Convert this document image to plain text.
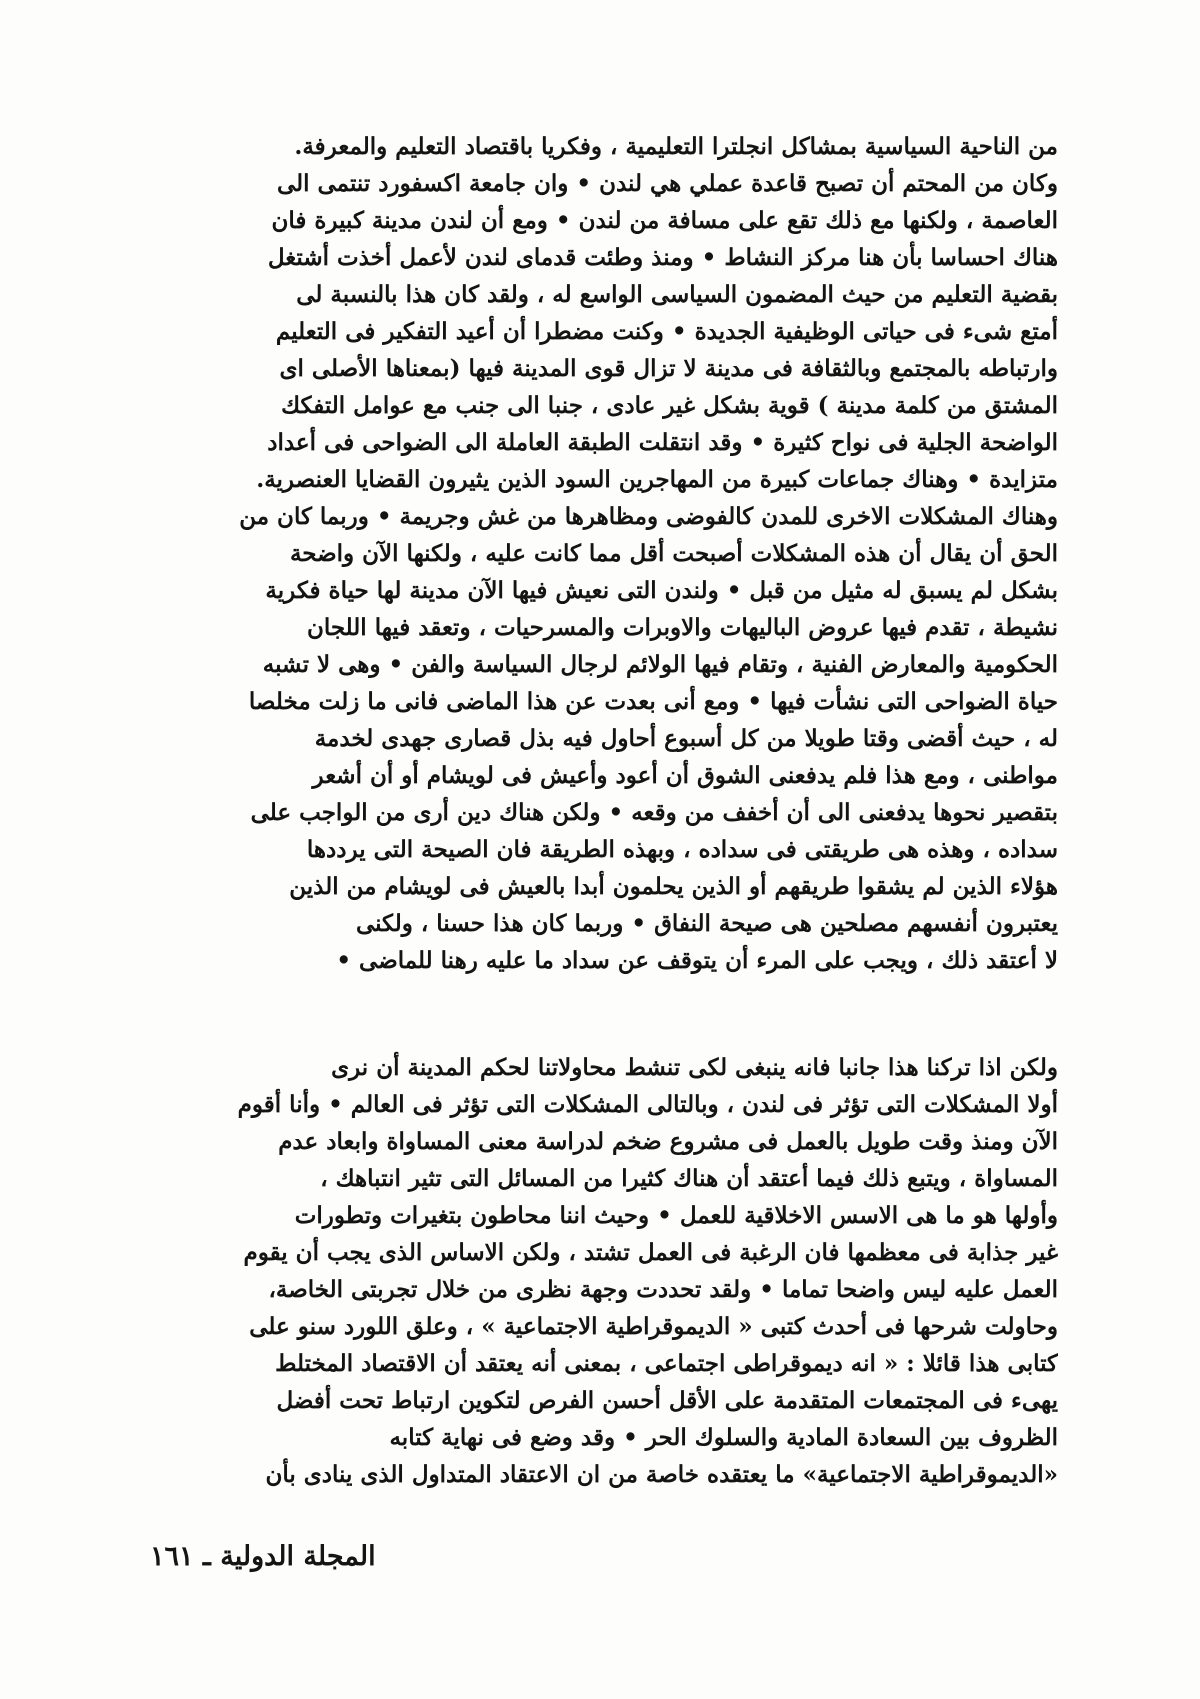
من الناحية السياسية بمشاكل انجلترا التعليمية ، وفكريا باقتصاد التعليم والمعرفة.
وكان من المحتم أن تصبح قاعدة عملي هي لندن • وان جامعة اكسفورد تنتمى الى
العاصمة ، ولكنها مع ذلك تقع على مسافة من لندن • ومع أن لندن مدينة كبيرة فان
هناك احساسا بأن هنا مركز النشاط • ومنذ وطئت قدماى لندن لأعمل أخذت أشتغل
بقضية التعليم من حيث المضمون السياسى الواسع له ، ولقد كان هذا بالنسبة لى
أمتع شىء فى حياتى الوظيفية الجديدة • وكنت مضطرا أن أعيد التفكير فى التعليم
وارتباطه بالمجتمع وبالثقافة فى مدينة لا تزال قوى المدينة فيها (بمعناها الأصلى اى
المشتق من كلمة مدينة ) قوية بشكل غير عادى ، جنبا الى جنب مع عوامل التفكك
الواضحة الجلية فى نواح كثيرة • وقد انتقلت الطبقة العاملة الى الضواحى فى أعداد
متزايدة • وهناك جماعات كبيرة من المهاجرين السود الذين يثيرون القضايا العنصرية.
وهناك المشكلات الاخرى للمدن كالفوضى ومظاهرها من غش وجريمة • وربما كان من
الحق أن يقال أن هذه المشكلات أصبحت أقل مما كانت عليه ، ولكنها الآن واضحة
بشكل لم يسبق له مثيل من قبل • ولندن التى نعيش فيها الآن مدينة لها حياة فكرية
نشيطة ، تقدم فيها عروض الباليهات والاوبرات والمسرحيات ، وتعقد فيها اللجان
الحكومية والمعارض الفنية ، وتقام فيها الولائم لرجال السياسة والفن • وهى لا تشبه
حياة الضواحى التى نشأت فيها • ومع أنى بعدت عن هذا الماضى فانى ما زلت مخلصا
له ، حيث أقضى وقتا طويلا من كل أسبوع أحاول فيه بذل قصارى جهدى لخدمة
مواطنى ، ومع هذا فلم يدفعنى الشوق أن أعود وأعيش فى لويشام أو أن أشعر
بتقصير نحوها يدفعنى الى أن أخفف من وقعه • ولكن هناك دين أرى من الواجب على
سداده ، وهذه هى طريقتى فى سداده ، وبهذه الطريقة فان الصيحة التى يرددها
هؤلاء الذين لم يشقوا طريقهم أو الذين يحلمون أبدا بالعيش فى لويشام من الذين
يعتبرون أنفسهم مصلحين هى صيحة النفاق • وربما كان هذا حسنا ، ولكنى
لا أعتقد ذلك ، ويجب على المرء أن يتوقف عن سداد ما عليه رهنا للماضى •
ولكن اذا تركنا هذا جانبا فانه ينبغى لكى تنشط محاولاتنا لحكم المدينة أن نرى
أولا المشكلات التى تؤثر فى لندن ، وبالتالى المشكلات التى تؤثر فى العالم • وأنا أقوم
الآن ومنذ وقت طويل بالعمل فى مشروع ضخم لدراسة معنى المساواة وابعاد عدم
المساواة ، ويتبع ذلك فيما أعتقد أن هناك كثيرا من المسائل التى تثير انتباهك ،
وأولها هو ما هى الاسس الاخلاقية للعمل • وحيث اننا محاطون بتغيرات وتطورات
غير جذابة فى معظمها فان الرغبة فى العمل تشتد ، ولكن الاساس الذى يجب أن يقوم
العمل عليه ليس واضحا تماما • ولقد تحددت وجهة نظرى من خلال تجربتى الخاصة،
وحاولت شرحها فى أحدث كتبى « الديموقراطية الاجتماعية » ، وعلق اللورد سنو على
كتابى هذا قائلا : « انه ديموقراطى اجتماعى ، بمعنى أنه يعتقد أن الاقتصاد المختلط
يهىء فى المجتمعات المتقدمة على الأقل أحسن الفرص لتكوين ارتباط تحت أفضل
الظروف بين السعادة المادية والسلوك الحر • وقد وضع فى نهاية كتابه
«الديموقراطية الاجتماعية» ما يعتقده خاصة من ان الاعتقاد المتداول الذى ينادى بأن
المجلة الدولية ـ ١٦١
